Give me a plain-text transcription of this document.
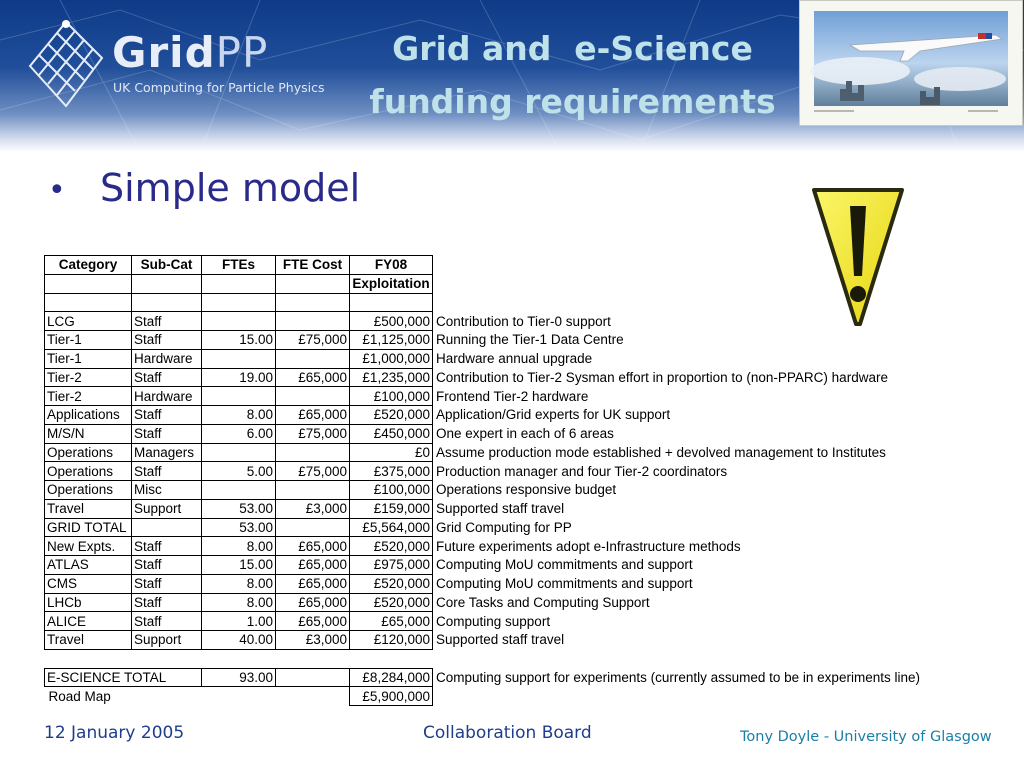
GridPP
UK Computing for Particle Physics
Grid and  e-Science
funding requirements
• Simple model
Category	Sub-Cat	FTEs	FTE Cost	FY08	
				Exploitation	

LCG	Staff			£500,000	Contribution to Tier-0 support
Tier-1	Staff	15.00	£75,000	£1,125,000	Running the Tier-1 Data Centre
Tier-1	Hardware			£1,000,000	Hardware annual upgrade
Tier-2	Staff	19.00	£65,000	£1,235,000	Contribution to Tier-2 Sysman effort in proportion to (non-PPARC) hardware
Tier-2	Hardware			£100,000	Frontend Tier-2 hardware
Applications	Staff	8.00	£65,000	£520,000	Application/Grid experts for UK support
M/S/N	Staff	6.00	£75,000	£450,000	One expert in each of 6 areas
Operations	Managers			£0	Assume production mode established + devolved management to Institutes
Operations	Staff	5.00	£75,000	£375,000	Production manager and four Tier-2 coordinators
Operations	Misc			£100,000	Operations responsive budget
Travel	Support	53.00	£3,000	£159,000	Supported staff travel
GRID TOTAL		53.00		£5,564,000	Grid Computing for PP
New Expts.	Staff	8.00	£65,000	£520,000	Future experiments adopt e-Infrastructure methods
ATLAS	Staff	15.00	£65,000	£975,000	Computing MoU commitments and support
CMS	Staff	8.00	£65,000	£520,000	Computing MoU commitments and support
LHCb	Staff	8.00	£65,000	£520,000	Core Tasks and Computing Support
ALICE	Staff	1.00	£65,000	£65,000	Computing support
Travel	Support	40.00	£3,000	£120,000	Supported staff travel

E-SCIENCE TOTAL		93.00		£8,284,000	Computing support for experiments (currently assumed to be in experiments line)
Road Map				£5,900,000	
12 January 2005	Collaboration Board	Tony Doyle - University of Glasgow
